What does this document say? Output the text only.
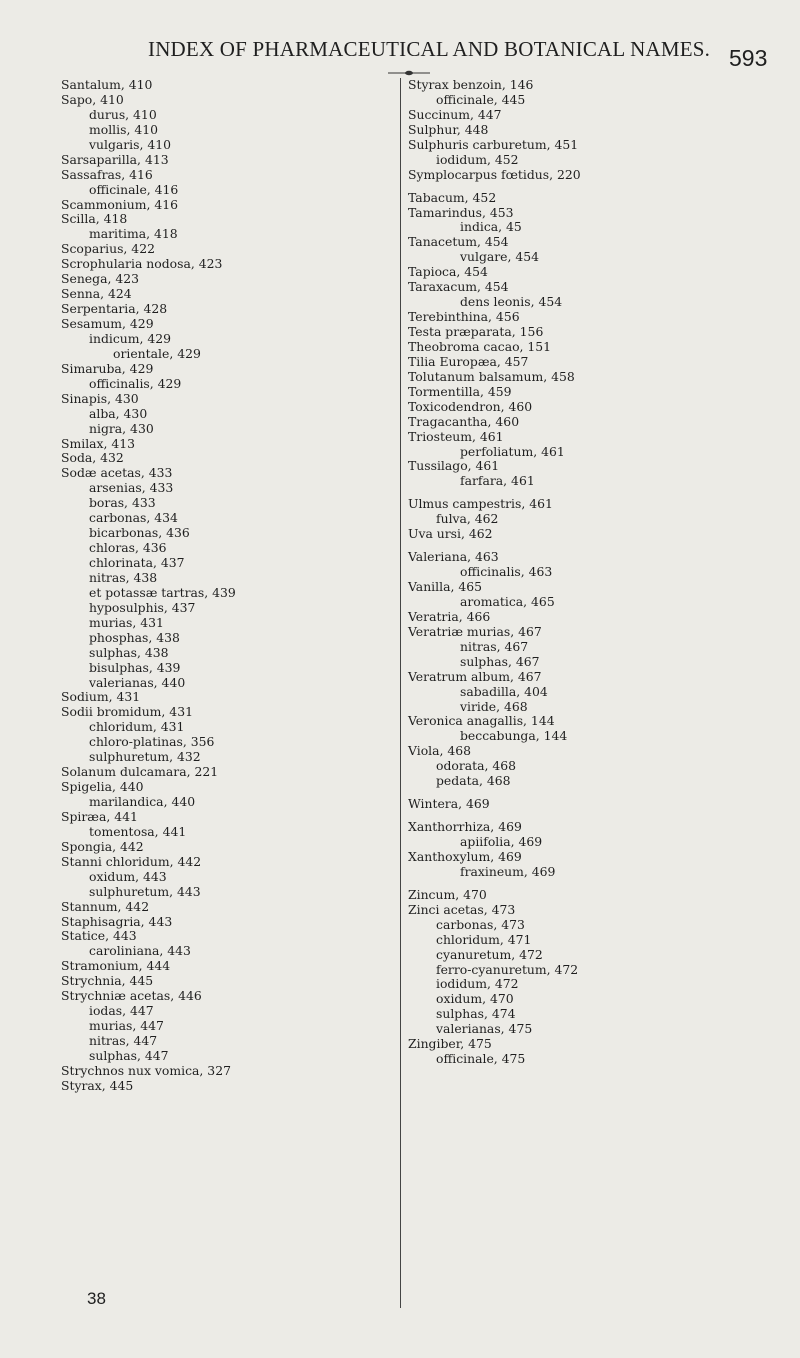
INDEX OF PHARMACEUTICAL AND BOTANICAL NAMES. 593
Santalum, 410
Sapo, 410
durus, 410
mollis, 410
vulgaris, 410
Sarsaparilla, 413
Sassafras, 416
officinale, 416
Scammonium, 416
Scilla, 418
maritima, 418
Scoparius, 422
Scrophularia nodosa, 423
Senega, 423
Senna, 424
Serpentaria, 428
Sesamum, 429
indicum, 429
orientale, 429
Simaruba, 429
officinalis, 429
Sinapis, 430
alba, 430
nigra, 430
Smilax, 413
Soda, 432
Sodæ acetas, 433
arsenias, 433
boras, 433
carbonas, 434
bicarbonas, 436
chloras, 436
chlorinata, 437
nitras, 438
et potassæ tartras, 439
hyposulphis, 437
murias, 431
phosphas, 438
sulphas, 438
bisulphas, 439
valerianas, 440
Sodium, 431
Sodii bromidum, 431
chloridum, 431
chloro-platinas, 356
sulphuretum, 432
Solanum dulcamara, 221
Spigelia, 440
marilandica, 440
Spiræa, 441
tomentosa, 441
Spongia, 442
Stanni chloridum, 442
oxidum, 443
sulphuretum, 443
Stannum, 442
Staphisagria, 443
Statice, 443
caroliniana, 443
Stramonium, 444
Strychnia, 445
Strychniæ acetas, 446
iodas, 447
murias, 447
nitras, 447
sulphas, 447
Strychnos nux vomica, 327
Styrax, 445
Styrax benzoin, 146
officinale, 445
Succinum, 447
Sulphur, 448
Sulphuris carburetum, 451
iodidum, 452
Symplocarpus fœtidus, 220
Tabacum, 452
Tamarindus, 453
indica, 45
Tanacetum, 454
vulgare, 454
Tapioca, 454
Taraxacum, 454
dens leonis, 454
Terebinthina, 456
Testa præparata, 156
Theobroma cacao, 151
Tilia Europæa, 457
Tolutanum balsamum, 458
Tormentilla, 459
Toxicodendron, 460
Tragacantha, 460
Triosteum, 461
perfoliatum, 461
Tussilago, 461
farfara, 461
Ulmus campestris, 461
fulva, 462
Uva ursi, 462
Valeriana, 463
officinalis, 463
Vanilla, 465
aromatica, 465
Veratria, 466
Veratriæ murias, 467
nitras, 467
sulphas, 467
Veratrum album, 467
sabadilla, 404
viride, 468
Veronica anagallis, 144
beccabunga, 144
Viola, 468
odorata, 468
pedata, 468
Wintera, 469
Xanthorrhiza, 469
apiifolia, 469
Xanthoxylum, 469
fraxineum, 469
Zincum, 470
Zinci acetas, 473
carbonas, 473
chloridum, 471
cyanuretum, 472
ferro-cyanuretum, 472
iodidum, 472
oxidum, 470
sulphas, 474
valerianas, 475
Zingiber, 475
officinale, 475
38
